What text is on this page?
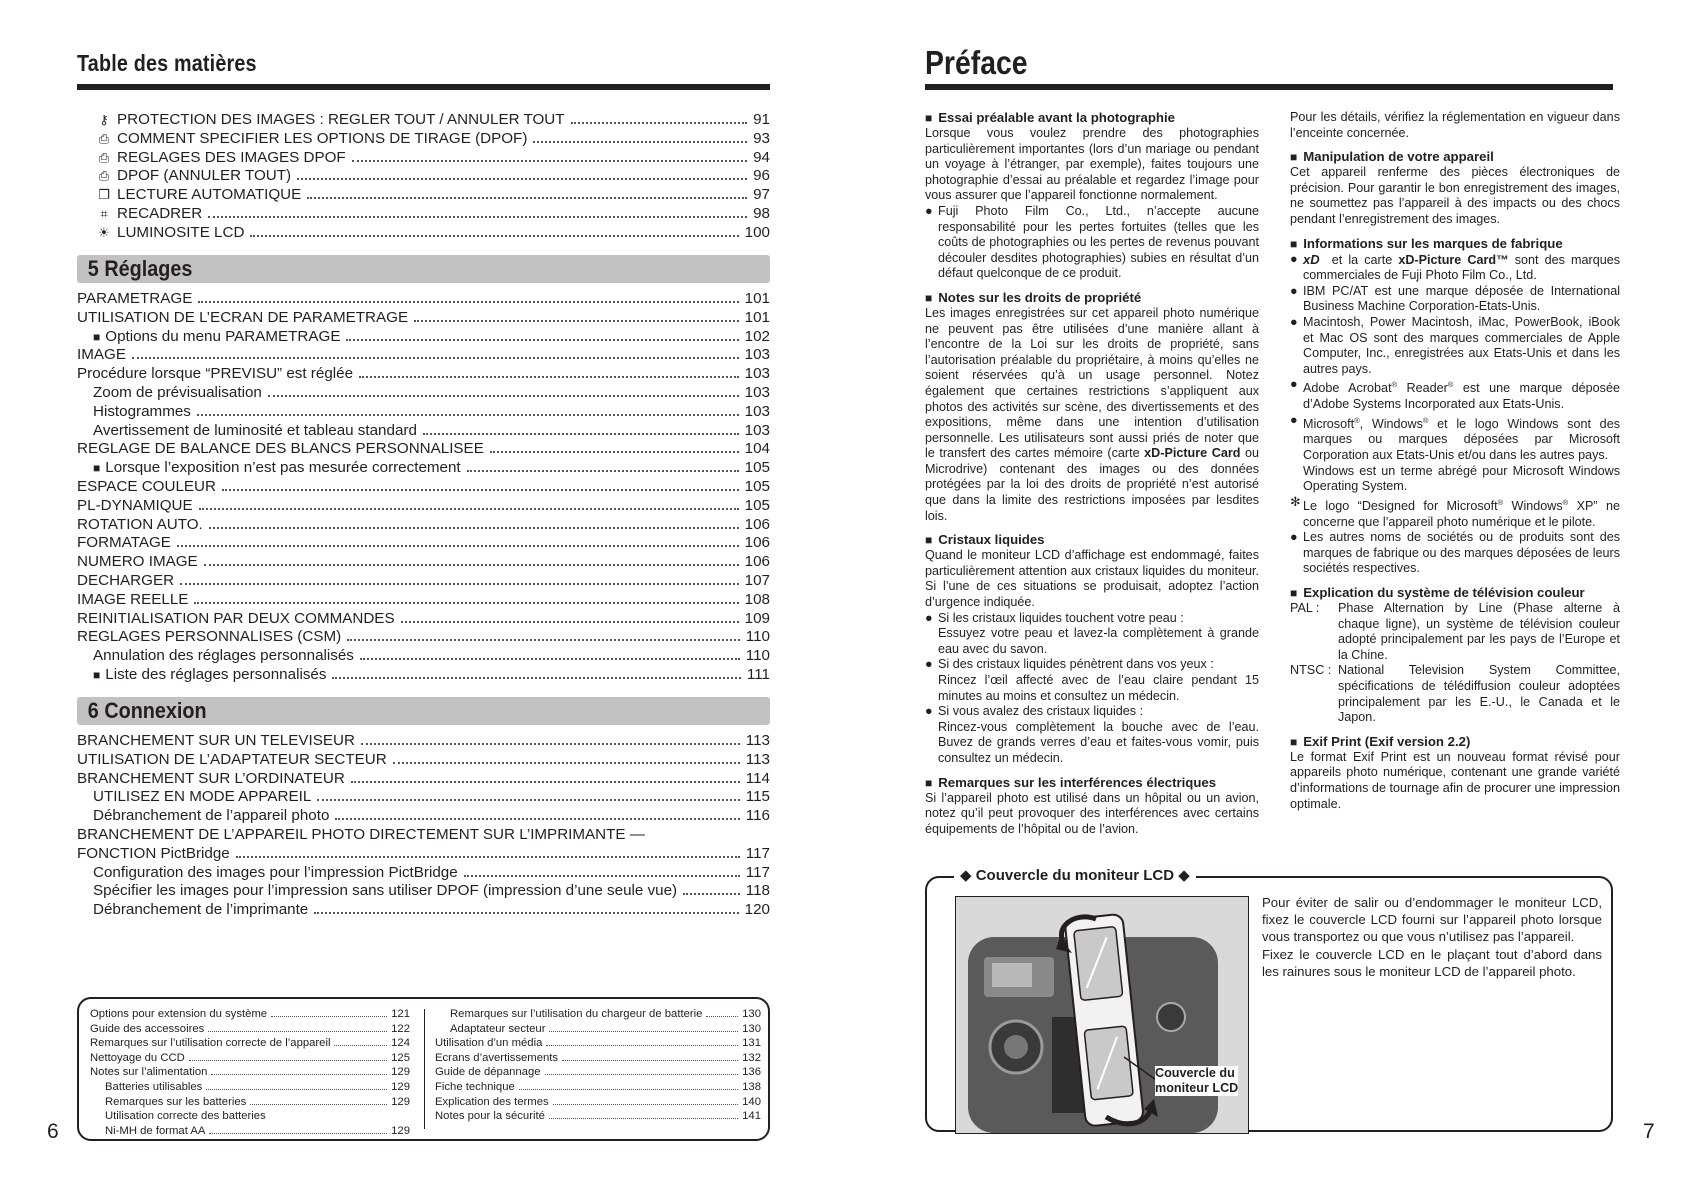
Table des matières
⚷ PROTECTION DES IMAGES : REGLER TOUT / ANNULER TOUT	91
⎙ COMMENT SPECIFIER LES OPTIONS DE TIRAGE (DPOF)	93
⎙ REGLAGES DES IMAGES DPOF	94
⎙ DPOF (ANNULER TOUT)	96
❐ LECTURE AUTOMATIQUE	97
⌗ RECADRER	98
☀ LUMINOSITE LCD	100
5 Réglages
PARAMETRAGE	101
UTILISATION DE L’ECRAN DE PARAMETRAGE	101
■ Options du menu PARAMETRAGE	102
IMAGE	103
Procédure lorsque “PREVISU” est réglée	103
Zoom de prévisualisation	103
Histogrammes	103
Avertissement de luminosité et tableau standard	103
REGLAGE DE BALANCE DES BLANCS PERSONNALISEE	104
■ Lorsque l’exposition n’est pas mesurée correctement	105
ESPACE COULEUR	105
PL-DYNAMIQUE	105
ROTATION AUTO.	106
FORMATAGE	106
NUMERO IMAGE	106
DECHARGER	107
IMAGE REELLE	108
REINITIALISATION PAR DEUX COMMANDES	109
REGLAGES PERSONNALISES (CSM)	110
Annulation des réglages personnalisés	110
■ Liste des réglages personnalisés	111
6 Connexion
BRANCHEMENT SUR UN TELEVISEUR	113
UTILISATION DE L’ADAPTATEUR SECTEUR	113
BRANCHEMENT SUR L’ORDINATEUR	114
UTILISEZ EN MODE APPAREIL	115
Débranchement de l’appareil photo	116
BRANCHEMENT DE L’APPAREIL PHOTO DIRECTEMENT SUR L’IMPRIMANTE —
FONCTION PictBridge	117
Configuration des images pour l’impression PictBridge	117
Spécifier les images pour l’impression sans utiliser DPOF (impression d’une seule vue)	118
Débranchement de l’imprimante	120
Options pour extension du système	121
Guide des accessoires	122
Remarques sur l’utilisation correcte de l’appareil	124
Nettoyage du CCD	125
Notes sur l’alimentation	129
Batteries utilisables	129
Remarques sur les batteries	129
Utilisation correcte des batteries
Ni-MH de format AA	129
Remarques sur l’utilisation du chargeur de batterie	130
Adaptateur secteur	130
Utilisation d’un média	131
Ecrans d’avertissements	132
Guide de dépannage	136
Fiche technique	138
Explication des termes	140
Notes pour la sécurité	141
6
Préface
■ Essai préalable avant la photographie

Lorsque vous voulez prendre des photographies particulièrement importantes (lors d’un mariage ou pendant un voyage à l’étranger, par exemple), faites toujours une photographie d’essai au préalable et regardez l’image pour vous assurer que l’appareil fonctionne normalement.

● Fuji Photo Film Co., Ltd., n’accepte aucune responsabilité pour les pertes fortuites (telles que les coûts de photographies ou les pertes de revenus pouvant découler desdites photographies) subies en résultat d’un défaut quelconque de ce produit.
■ Notes sur les droits de propriété

Les images enregistrées sur cet appareil photo numérique ne peuvent pas être utilisées d’une manière allant à l’encontre de la Loi sur les droits de propriété, sans l’autorisation préalable du propriétaire, à moins qu’elles ne soient réservées qu’à un usage personnel. Notez également que certaines restrictions s’appliquent aux photos des activités sur scène, des divertissements et des expositions, même dans une intention d’utilisation personnelle. Les utilisateurs sont aussi priés de noter que le transfert des cartes mémoire (carte xD-Picture Card ou Microdrive) contenant des images ou des données protégées par la loi des droits de propriété n’est autorisé que dans la limite des restrictions imposées par lesdites lois.

■ Cristaux liquides

Quand le moniteur LCD d’affichage est endommagé, faites particulièrement attention aux cristaux liquides du moniteur. Si l’une de ces situations se produisait, adoptez l’action d’urgence indiquée.

● Si les cristaux liquides touchent votre peau :
Essuyez votre peau et lavez-la complètement à grande eau avec du savon.
● Si des cristaux liquides pénètrent dans vos yeux :
Rincez l’œil affecté avec de l’eau claire pendant 15 minutes au moins et consultez un médecin.
● Si vous avalez des cristaux liquides :
Rincez-vous complètement la bouche avec de l’eau. Buvez de grands verres d’eau et faites-vous vomir, puis consultez un médecin.
■ Remarques sur les interférences électriques

Si l’appareil photo est utilisé dans un hôpital ou un avion, notez qu’il peut provoquer des interférences avec certains équipements de l’hôpital ou de l’avion.

Pour les détails, vérifiez la réglementation en vigueur dans l’enceinte concernée.

■ Manipulation de votre appareil

Cet appareil renferme des pièces électroniques de précision. Pour garantir le bon enregistrement des images, ne soumettez pas l’appareil à des impacts ou des chocs pendant l’enregistrement des images.

■ Informations sur les marques de fabrique
● xD et la carte xD-Picture Card™ sont des marques commerciales de Fuji Photo Film Co., Ltd.
● IBM PC/AT est une marque déposée de International Business Machine Corporation-Etats-Unis.
● Macintosh, Power Macintosh, iMac, PowerBook, iBook et Mac OS sont des marques commerciales de Apple Computer, Inc., enregistrées aux Etats-Unis et dans les autres pays.
● Adobe Acrobat® Reader® est une marque déposée d’Adobe Systems Incorporated aux Etats-Unis.
● Microsoft®, Windows® et le logo Windows sont des marques ou marques déposées par Microsoft Corporation aux Etats-Unis et/ou dans les autres pays.
Windows est un terme abrégé pour Microsoft Windows Operating System.
✻ Le logo “Designed for Microsoft® Windows® XP” ne concerne que l’appareil photo numérique et le pilote.
● Les autres noms de sociétés ou de produits sont des marques de fabrique ou des marques déposées de leurs sociétés respectives.
■ Explication du système de télévision couleur
PAL :	Phase Alternation by Line (Phase alterne à chaque ligne), un système de télévision couleur adopté principalement par les pays de l’Europe et la Chine.
NTSC : National Television System Committee, spécifications de télédiffusion couleur adoptées principalement par les E.-U., le Canada et le Japon.
■ Exif Print (Exif version 2.2)

Le format Exif Print est un nouveau format révisé pour appareils photo numérique, contenant une grande variété d’informations de tournage afin de procurer une impression optimale.

◆ Couvercle du moniteur LCD ◆
Couvercle du
moniteur LCD

Pour éviter de salir ou d’endommager le moniteur LCD, fixez le couvercle LCD fourni sur l’appareil photo lorsque vous transportez ou que vous n’utilisez pas l’appareil.

Fixez le couvercle LCD en le plaçant tout d’abord dans les rainures sous le moniteur LCD de l’appareil photo.

7
